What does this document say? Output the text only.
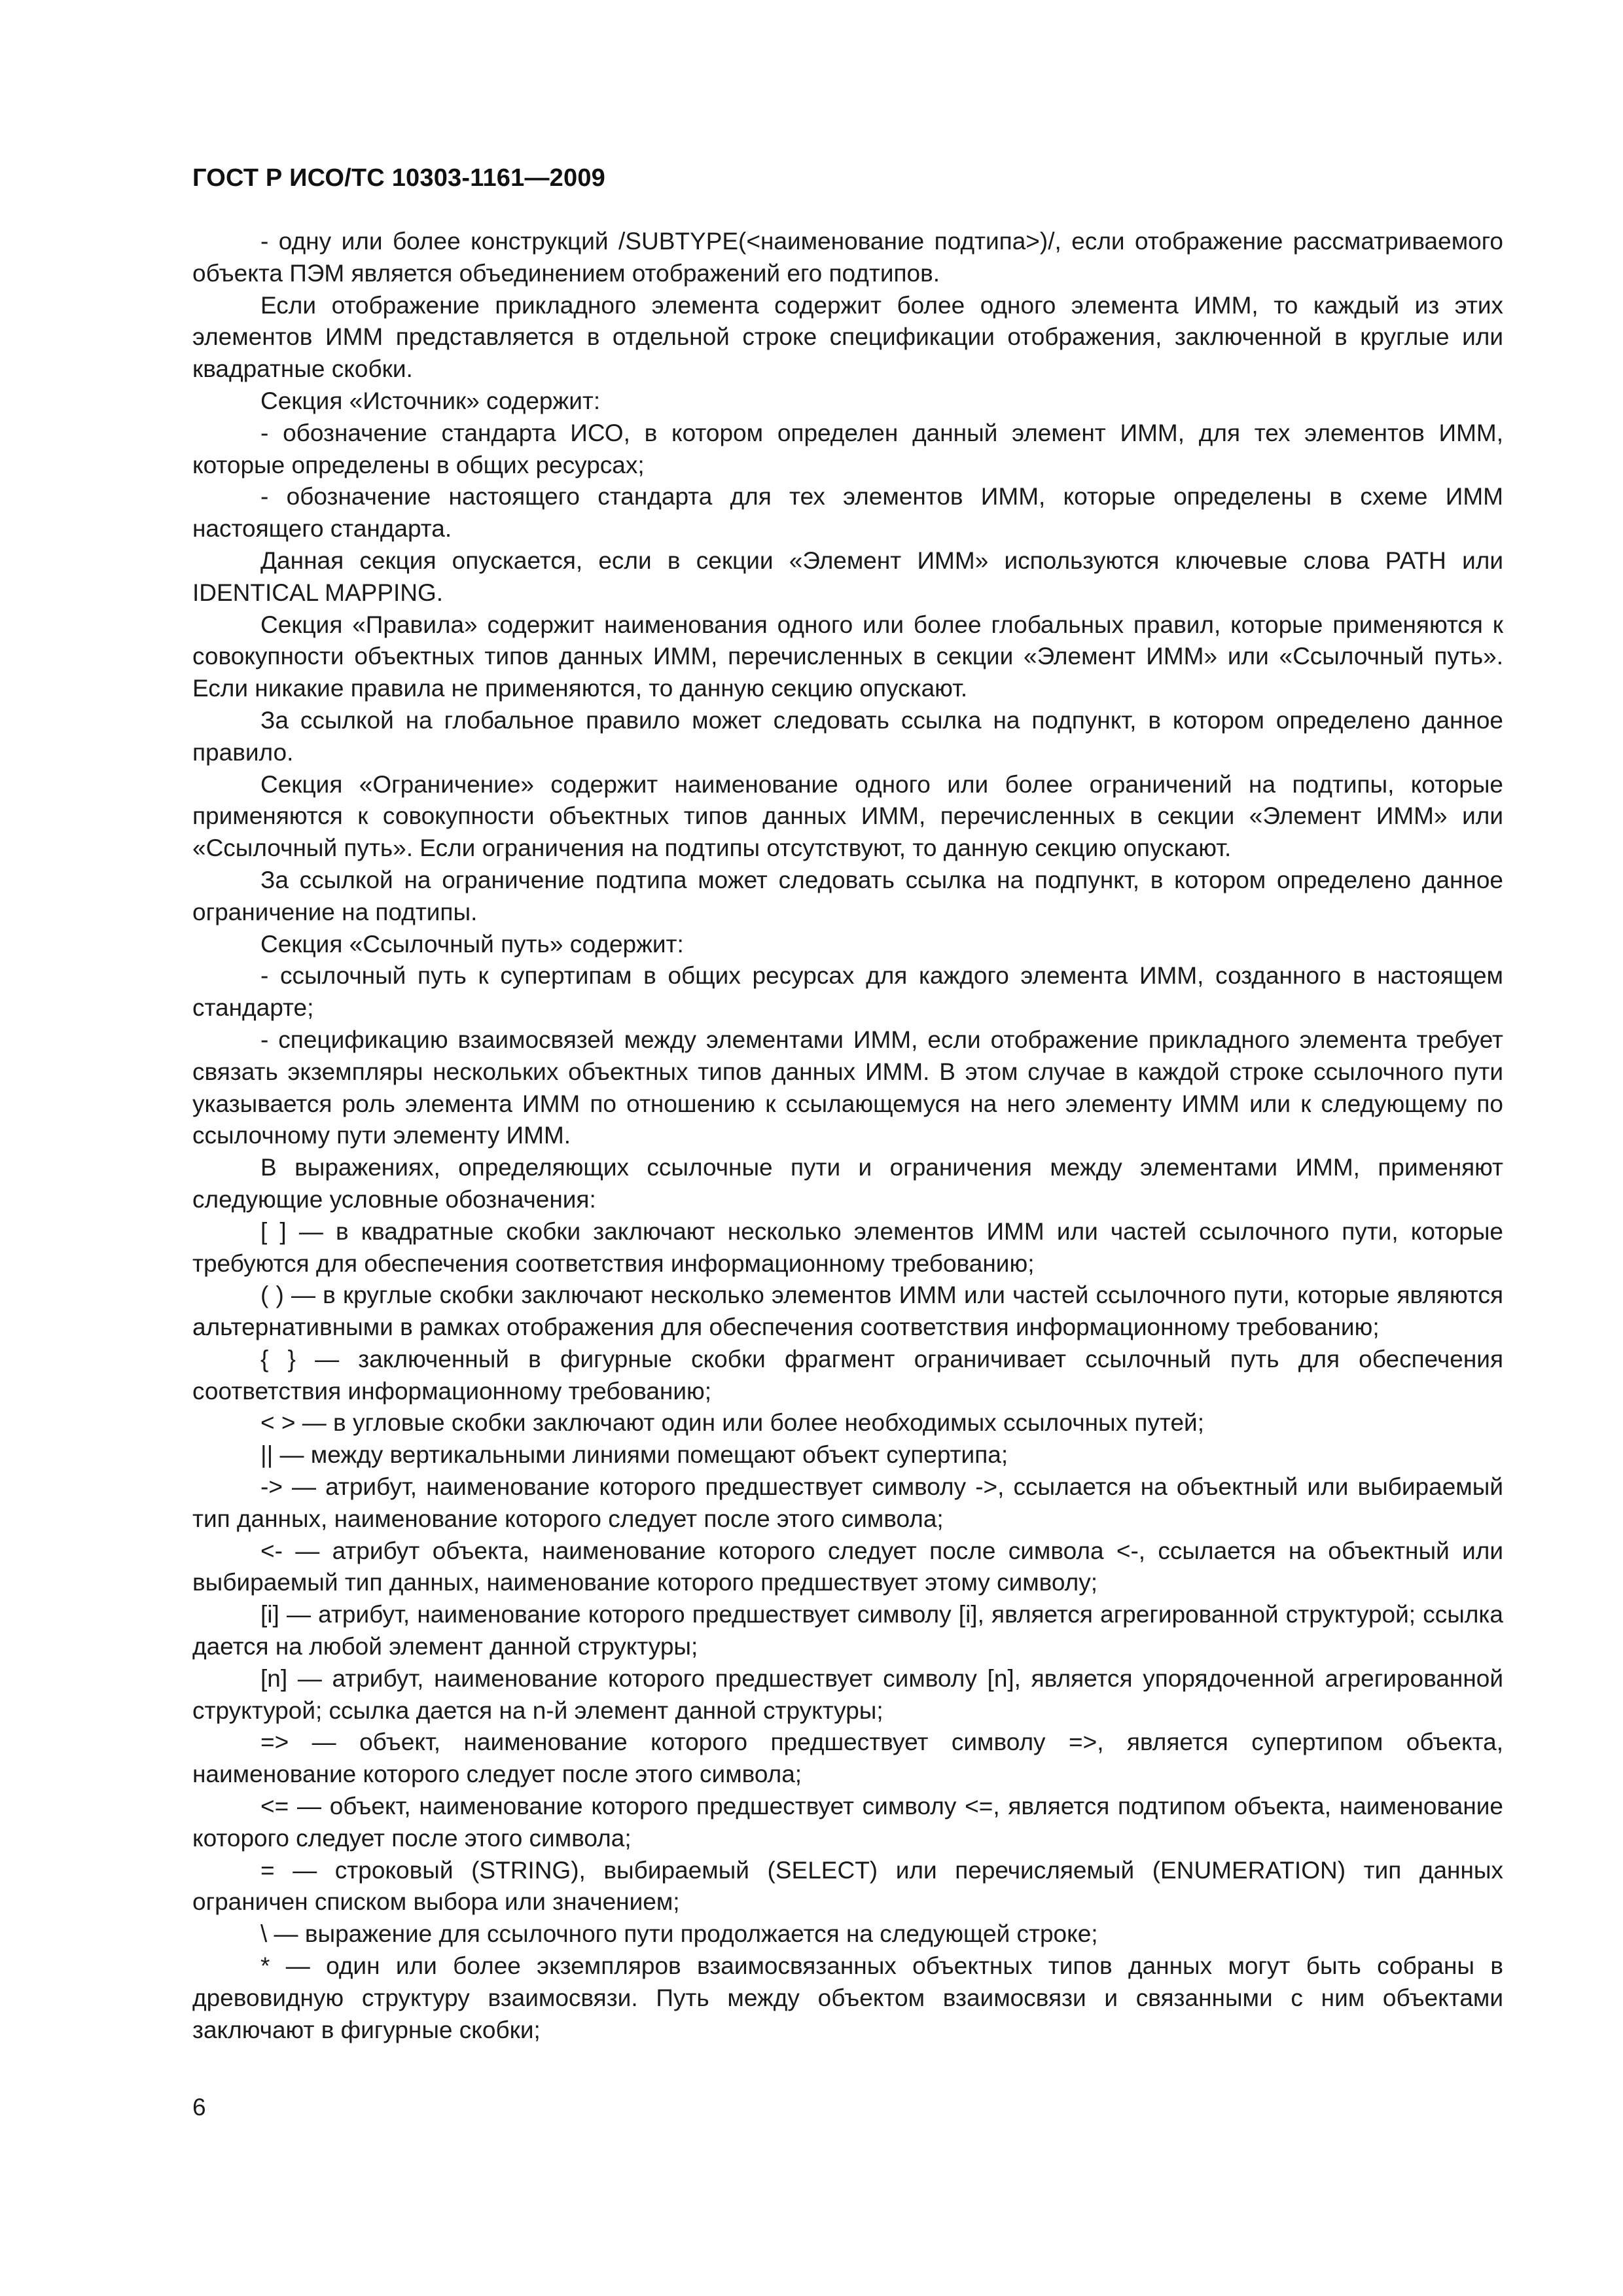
ГОСТ Р ИСО/ТС 10303-1161—2009

- одну или более конструкций /SUBTYPE(<наименование подтипа>)/, если отображение рассматриваемого объекта ПЭМ является объединением отображений его подтипов.

Если отображение прикладного элемента содержит более одного элемента ИММ, то каждый из этих элементов ИММ представляется в отдельной строке спецификации отображения, заключенной в круглые или квадратные скобки.

Секция «Источник» содержит:

- обозначение стандарта ИСО, в котором определен данный элемент ИММ, для тех элементов ИММ, которые определены в общих ресурсах;

- обозначение настоящего стандарта для тех элементов ИММ, которые определены в схеме ИММ настоящего стандарта.

Данная секция опускается, если в секции «Элемент ИММ» используются ключевые слова PATH или IDENTICAL MAPPING.

Секция «Правила» содержит наименования одного или более глобальных правил, которые применяются к совокупности объектных типов данных ИММ, перечисленных в секции «Элемент ИММ» или «Ссылочный путь». Если никакие правила не применяются, то данную секцию опускают.

За ссылкой на глобальное правило может следовать ссылка на подпункт, в котором определено данное правило.

Секция «Ограничение» содержит наименование одного или более ограничений на подтипы, которые применяются к совокупности объектных типов данных ИММ, перечисленных в секции «Элемент ИММ» или «Ссылочный путь». Если ограничения на подтипы отсутствуют, то данную секцию опускают.

За ссылкой на ограничение подтипа может следовать ссылка на подпункт, в котором определено данное ограничение на подтипы.

Секция «Ссылочный путь» содержит:

- ссылочный путь к супертипам в общих ресурсах для каждого элемента ИММ, созданного в настоящем стандарте;

- спецификацию взаимосвязей между элементами ИММ, если отображение прикладного элемента требует связать экземпляры нескольких объектных типов данных ИММ. В этом случае в каждой строке ссылочного пути указывается роль элемента ИММ по отношению к ссылающемуся на него элементу ИММ или к следующему по ссылочному пути элементу ИММ.

В выражениях, определяющих ссылочные пути и ограничения между элементами ИММ, применяют следующие условные обозначения:

[ ] — в квадратные скобки заключают несколько элементов ИММ или частей ссылочного пути, которые требуются для обеспечения соответствия информационному требованию;

( ) — в круглые скобки заключают несколько элементов ИММ или частей ссылочного пути, которые являются альтернативными в рамках отображения для обеспечения соответствия информационному требованию;

{ } — заключенный в фигурные скобки фрагмент ограничивает ссылочный путь для обеспечения соответствия информационному требованию;

< > — в угловые скобки заключают один или более необходимых ссылочных путей;

|| — между вертикальными линиями помещают объект супертипа;

-> — атрибут, наименование которого предшествует символу ->, ссылается на объектный или выбираемый тип данных, наименование которого следует после этого символа;

<- — атрибут объекта, наименование которого следует после символа <-, ссылается на объектный или выбираемый тип данных, наименование которого предшествует этому символу;

[i] — атрибут, наименование которого предшествует символу [i], является агрегированной структурой; ссылка дается на любой элемент данной структуры;

[n] — атрибут, наименование которого предшествует символу [n], является упорядоченной агрегированной структурой; ссылка дается на n-й элемент данной структуры;

=> — объект, наименование которого предшествует символу =>, является супертипом объекта, наименование которого следует после этого символа;

<= — объект, наименование которого предшествует символу <=, является подтипом объекта, наименование которого следует после этого символа;

= — строковый (STRING), выбираемый (SELECT) или перечисляемый (ENUMERATION) тип данных ограничен списком выбора или значением;

\ — выражение для ссылочного пути продолжается на следующей строке;

* — один или более экземпляров взаимосвязанных объектных типов данных могут быть собраны в древовидную структуру взаимосвязи. Путь между объектом взаимосвязи и связанными с ним объектами заключают в фигурные скобки;

6
